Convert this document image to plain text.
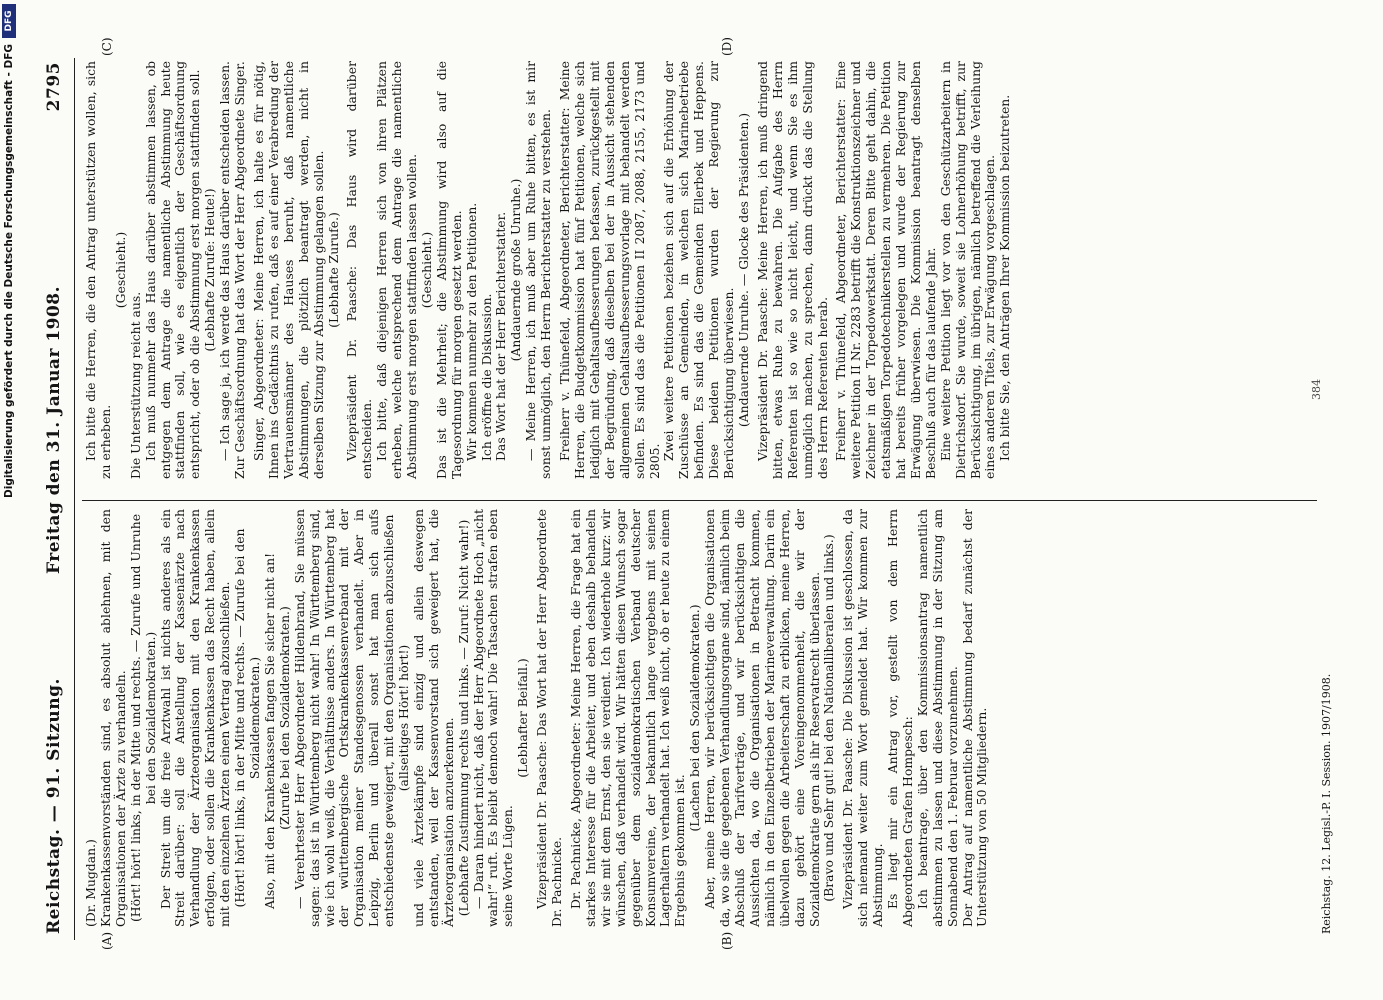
Digitalisierung gefördert durch die Deutsche Forschungsgemeinschaft - DFG
DFG
Reichstag. — 91. Sitzung.
Freitag den 31. Januar 1908.
2795
(A)	(B)
(C)	(D)

(Dr. Mugdan.) Krankenkassenvorständen sind, es absolut ablehnen, mit den Organisationen der Ärzte zu verhandeln. (Hört! hört! links, in der Mitte und rechts. — Zurufe und Unruhe bei den Sozialdemokraten.) Der Streit um die freie Arztwahl ist nichts anderes als ein Streit darüber: soll die Anstellung der Kassenärzte nach Verhandlung der Ärzteorganisation mit den Krankenkassen erfolgen, oder sollen die Krankenkassen das Recht haben, allein mit den einzelnen Ärzten einen Vertrag abzuschließen. (Hört! hört! links, in der Mitte und rechts. — Zurufe bei den Sozialdemokraten.) Also, mit den Krankenkassen fangen Sie sicher nicht an! (Zurufe bei den Sozialdemokraten.) — Verehrtester Herr Abgeordneter Hildenbrand, Sie müssen sagen: das ist in Württemberg nicht wahr! In Württemberg sind, wie ich wohl weiß, die Verhältnisse anders. In Württemberg hat der württembergische Ortskrankenkassenverband mit der Organisation meiner Standesgenossen verhandelt. Aber in Leipzig, Berlin und überall sonst hat man sich aufs entschiedenste geweigert, mit den Organisationen abzuschließen (allseitiges Hört! hört!) und viele Ärztekämpfe sind einzig und allein deswegen entstanden, weil der Kassenvorstand sich geweigert hat, die Ärzteorganisation anzuerkennen. (Lebhafte Zustimmung rechts und links. — Zuruf: Nicht wahr!) — Daran hindert nicht, daß der Herr Abgeordnete Hoch „nicht wahr!“ ruft. Es bleibt dennoch wahr! Die Tatsachen strafen eben seine Worte Lügen.

(Lebhafter Beifall.) Vizepräsident Dr. Paasche: Das Wort hat der Herr Abgeordnete Dr. Pachnicke. Dr. Pachnicke, Abgeordneter: Meine Herren, die Frage hat ein starkes Interesse für die Arbeiter, und eben deshalb behandeln wir sie mit dem Ernst, den sie verdient. Ich wiederhole kurz: wir wünschen, daß verhandelt wird. Wir hätten diesen Wunsch sogar gegenüber dem sozialdemokratischen Verband deutscher Konsumvereine, der bekanntlich lange vergebens mit seinen Lagerhaltern verhandelt hat. Ich weiß nicht, ob er heute zu einem Ergebnis gekommen ist.

(Lachen bei den Sozialdemokraten.) Aber, meine Herren, wir berücksichtigen die Organisationen da, wo sie die gegebenen Verhandlungsorgane sind, nämlich beim Abschluß der Tarifverträge, und wir berücksichtigen die Aussichten da, wo die Organisationen in Betracht kommen, nämlich in den Einzelbetrieben der Marineverwaltung. Darin ein übelwollen gegen die Arbeiterschaft zu erblicken, meine Herren, dazu gehört eine Voreingenommenheit, die wir der Sozialdemokratie gern als ihr Reservatrecht überlassen. (Bravo und Sehr gut! bei den Nationalliberalen und links.) Vizepräsident Dr. Paasche: Die Diskussion ist geschlossen, da sich niemand weiter zum Wort gemeldet hat. Wir kommen zur Abstimmung. Es liegt mir ein Antrag vor, gestellt von dem Herrn Abgeordneten Grafen Hompesch: Ich beantrage, über den Kommissionsantrag namentlich abstimmen zu lassen und diese Abstimmung in der Sitzung am Sonnabend den 1. Februar vorzunehmen. Der Antrag auf namentliche Abstimmung bedarf zunächst der Unterstützung von 50 Mitgliedern.

Ich bitte die Herren, die den Antrag unterstützen wollen, sich zu erheben.

(Geschieht.)

Die Unterstützung reicht aus. Ich muß nunmehr das Haus darüber abstimmen lassen, ob entgegen dem Antrage die namentliche Abstimmung heute stattfinden soll, wie es eigentlich der Geschäftsordnung entspricht, oder ob die Abstimmung erst morgen stattfinden soll. (Lebhafte Zurufe: Heute!) — Ich sage ja, ich werde das Haus darüber entscheiden lassen. Zur Geschäftsordnung hat das Wort der Herr Abgeordnete Singer. Singer, Abgeordneter: Meine Herren, ich halte es für nötig, Ihnen ins Gedächtnis zu rufen, daß es auf einer Verabredung der Vertrauensmänner des Hauses beruht, daß namentliche Abstimmungen, die plötzlich beantragt werden, nicht in derselben Sitzung zur Abstimmung gelangen sollen. (Lebhafte Zurufe.) Vizepräsident Dr. Paasche: Das Haus wird darüber entscheiden. Ich bitte, daß diejenigen Herren sich von ihren Plätzen erheben, welche entsprechend dem Antrage die namentliche Abstimmung erst morgen stattfinden lassen wollen. (Geschieht.) Das ist die Mehrheit; die Abstimmung wird also auf die Tagesordnung für morgen gesetzt werden. Wir kommen nunmehr zu den Petitionen. Ich eröffne die Diskussion. Das Wort hat der Herr Berichterstatter. (Andauernde große Unruhe.) — Meine Herren, ich muß aber um Ruhe bitten, es ist mir sonst unmöglich, den Herrn Berichterstatter zu verstehen. Freiherr v. Thünefeld, Abgeordneter, Berichterstatter: Meine Herren, die Budgetkommission hat fünf Petitionen, welche sich lediglich mit Gehaltsaufbesserungen befassen, zurückgestellt mit der Begründung, daß dieselben bei der in Aussicht stehenden allgemeinen Gehaltsaufbesserungsvorlage mit behandelt werden sollen. Es sind das die Petitionen II 2087, 2088, 2155, 2173 und 2805.

Zwei weitere Petitionen beziehen sich auf die Erhöhung der Zuschüsse an Gemeinden, in welchen sich Marinebetriebe befinden. Es sind das die Gemeinden Ellerbek und Heppens. Diese beiden Petitionen wurden der Regierung zur Berücksichtigung überwiesen. (Andauernde Unruhe. — Glocke des Präsidenten.) Vizepräsident Dr. Paasche: Meine Herren, ich muß dringend bitten, etwas Ruhe zu bewahren. Die Aufgabe des Herrn Referenten ist so wie so nicht leicht, und wenn Sie es ihm unmöglich machen, zu sprechen, dann drückt das die Stellung des Herrn Referenten herab. Freiherr v. Thünefeld, Abgeordneter, Berichterstatter: Eine weitere Petition II Nr. 2283 betrifft die Konstruktionszeichner und Zeichner in der Torpedowerkstatt. Deren Bitte geht dahin, die etatsmäßigen Torpedotechnikerstellen zu vermehren. Die Petition hat bereits früher vorgelegen und wurde der Regierung zur Erwägung überwiesen. Die Kommission beantragt denselben Beschluß auch für das laufende Jahr. Eine weitere Petition liegt vor von den Geschützarbeitern in Dietrichsdorf. Sie wurde, soweit sie Lohnerhöhung betrifft, zur Berücksichtigung, im übrigen, nämlich betreffend die Verleihung eines anderen Titels, zur Erwägung vorgeschlagen. Ich bitte Sie, den Anträgen Ihrer Kommission beizutreten.

Reichstag. 12. Legisl.-P. I. Session. 1907/1908.
384
